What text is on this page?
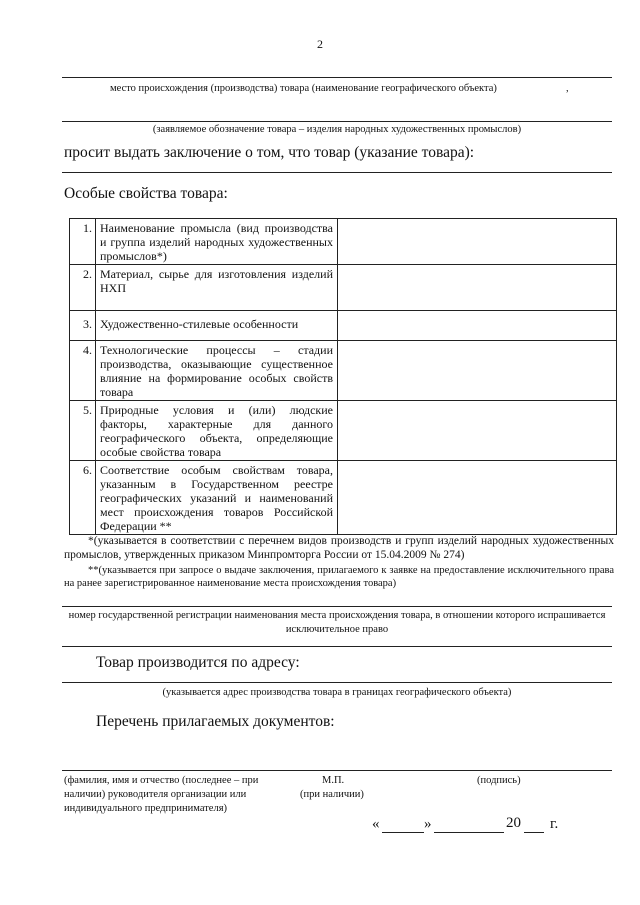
2
место происхождения (производства) товара (наименование географического объекта)	,
(заявляемое обозначение товара – изделия народных художественных промыслов)
просит выдать заключение о том, что товар (указание товара):
Особые свойства товара:
1.	Наименование промысла (вид производства и группа изделий народных художественных промыслов*)	
2.	Материал, сырье для изготовления изделий НХП	
3.	Художественно-стилевые особенности	
4.	Технологические процессы – стадии производства, оказывающие существенное влияние на формирование особых свойств товара	
5.	Природные условия и (или) людские факторы, характерные для данного географического объекта, определяющие особые свойства товара	
6.	Соответствие особым свойствам товара, указанным в Государственном реестре географических указаний и наименований мест происхождения товаров Российской Федерации **	
*(указывается в соответствии с перечнем видов производств и групп изделий народных художественных промыслов, утвержденных приказом Минпромторга России от 15.04.2009 № 274)
**(указывается при запросе о выдаче заключения, прилагаемого к заявке на предоставление исключительного права на ранее зарегистрированное наименование места происхождения товара)
номер государственной регистрации наименования места происхождения товара, в отношении которого испрашивается исключительное право
Товар производится по адресу:
(указывается адрес производства товара в границах географического объекта)
Перечень прилагаемых документов:
(фамилия, имя и отчество (последнее – при наличии) руководителя организации или индивидуального предпринимателя)
М.П.
(при наличии)
(подпись)
«	»	20 г.
